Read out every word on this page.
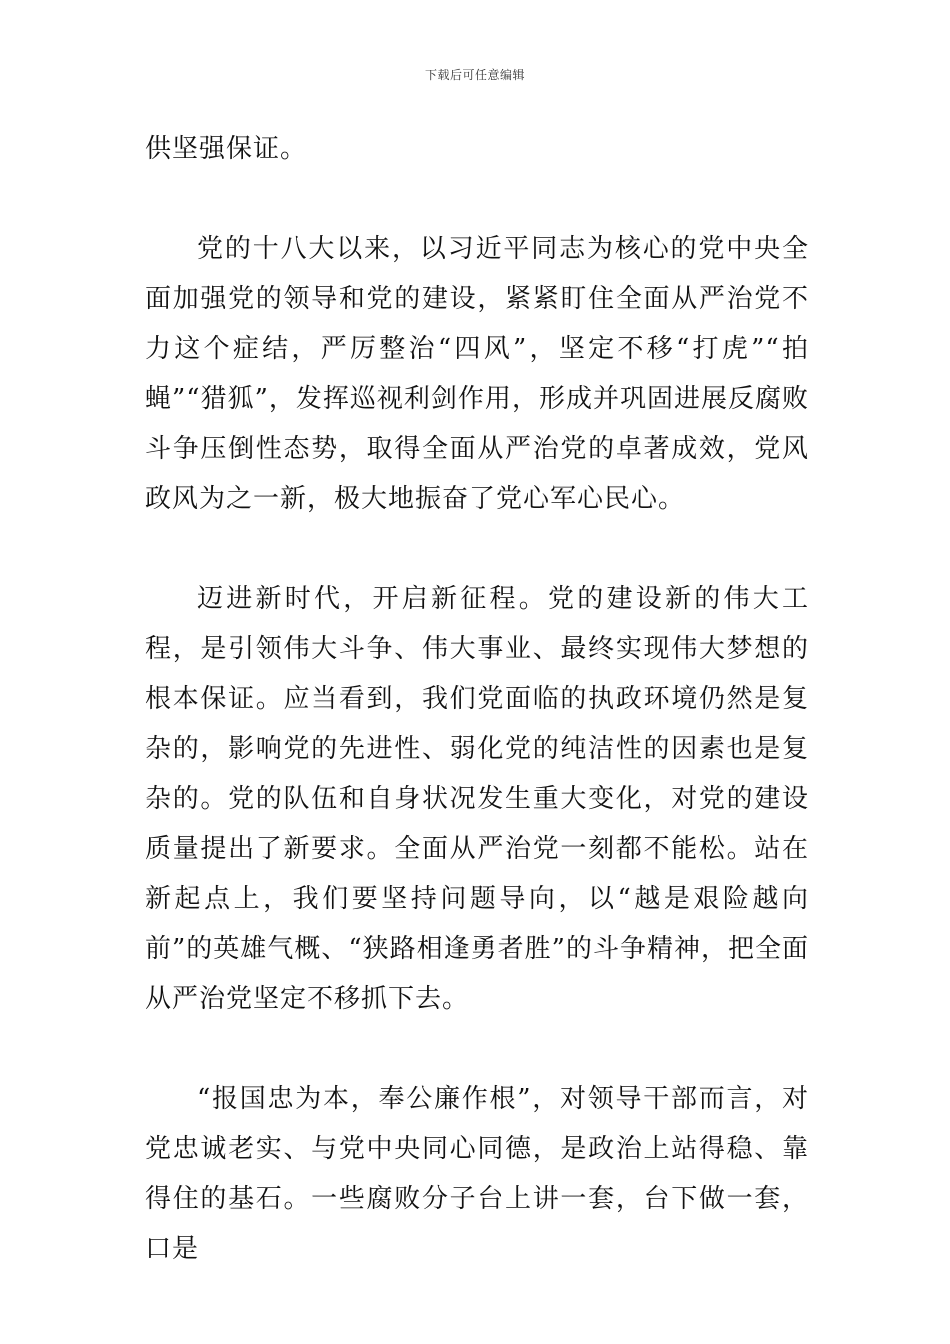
下载后可任意编辑

供坚强保证。

党的十八大以来，以习近平同志为核心的党中央全面加强党的领导和党的建设，紧紧盯住全面从严治党不力这个症结，严厉整治“四风”，坚定不移“打虎”“拍蝇”“猎狐”，发挥巡视利剑作用，形成并巩固进展反腐败斗争压倒性态势，取得全面从严治党的卓著成效，党风政风为之一新，极大地振奋了党心军心民心。

迈进新时代，开启新征程。党的建设新的伟大工程，是引领伟大斗争、伟大事业、最终实现伟大梦想的根本保证。应当看到，我们党面临的执政环境仍然是复杂的，影响党的先进性、弱化党的纯洁性的因素也是复杂的。党的队伍和自身状况发生重大变化，对党的建设质量提出了新要求。全面从严治党一刻都不能松。站在新起点上，我们要坚持问题导向，以“越是艰险越向前”的英雄气概、“狭路相逢勇者胜”的斗争精神，把全面从严治党坚定不移抓下去。

“报国忠为本，奉公廉作根”，对领导干部而言，对党忠诚老实、与党中央同心同德，是政治上站得稳、靠得住的基石。一些腐败分子台上讲一套，台下做一套，口是
